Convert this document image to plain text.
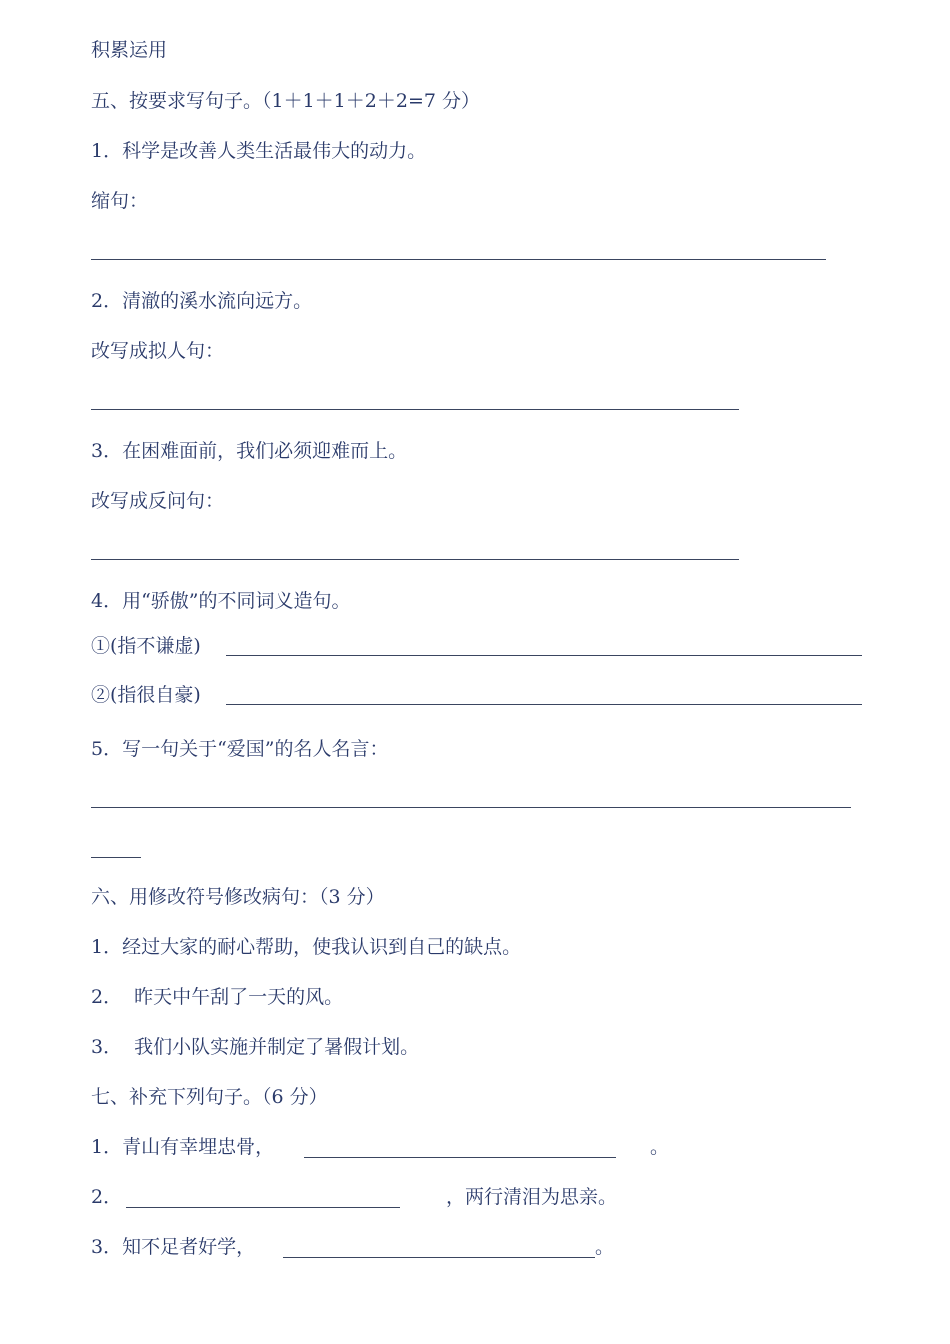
积累运用
五、按要求写句子。（1＋1＋1＋2＋2=7 分）
1．科学是改善人类生活最伟大的动力。
缩句：
2．清澈的溪水流向远方。
改写成拟人句：
3．在困难面前，我们必须迎难而上。
改写成反问句：
4．用“骄傲”的不同词义造句。
①(指不谦虚)
②(指很自豪)
5．写一句关于“爱国”的名人名言：
六、用修改符号修改病句：（3 分）
1．经过大家的耐心帮助，使我认识到自己的缺点。
2．  昨天中午刮了一天的风。
3．  我们小队实施并制定了暑假计划。
七、补充下列句子。（6 分）
1．青山有幸埋忠骨，	。
2．	，两行清泪为思亲。
3．知不足者好学，	。
